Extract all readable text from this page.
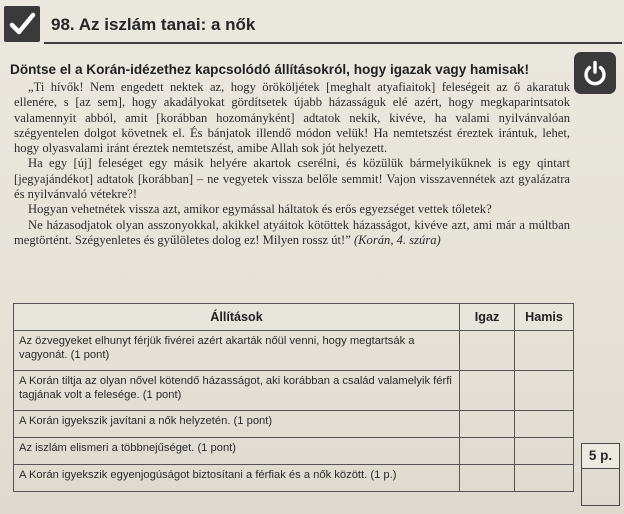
98. Az iszlám tanai: a nők
Döntse el a Korán-idézethez kapcsolódó állításokról, hogy igazak vagy hamisak!

„Ti hívők! Nem engedett nektek az, hogy örököljétek [meghalt atyafiaitok] feleségeit az ő akaratuk ellenére, s [az sem], hogy akadályokat gördítsetek újabb házasságuk elé azért, hogy megkaparintsatok valamennyit abból, amit [korábban hozományként] adtatok nekik, kivéve, ha valami nyilvánvalóan szégyentelen dolgot követnek el. És bánjatok illendő módon velük! Ha nemtetszést éreztek irántuk, lehet, hogy olyasvalami iránt éreztek nemtetszést, amibe Allah sok jót helyezett.

Ha egy [új] feleséget egy másik helyére akartok cserélni, és közülük bármelyikűknek is egy qintart [jegyajándékot] adtatok [korábban] – ne vegyetek vissza belőle semmit! Vajon visszavennétek azt gyalázatra és nyilvánvaló vétekre?!

Hogyan vehetnétek vissza azt, amikor egymással háltatok és erős egyezséget vettek tőletek?

Ne házasodjatok olyan asszonyokkal, akikkel atyáitok kötöttek házasságot, kivéve azt, ami már a múltban megtörtént. Szégyenletes és gyűlöletes dolog ez! Milyen rossz út!” (Korán, 4. szúra)

Állítások	Igaz	Hamis
Az özvegyeket elhunyt férjük fivérei azért akarták nőül venni, hogy megtartsák a vagyonát. (1 pont)		
A Korán tiltja az olyan nővel kötendő házasságot, aki korábban a család valamelyik férfi tagjának volt a felesége. (1 pont)		
A Korán igyekszik javítani a nők helyzetén. (1 pont)		
Az iszlám elismeri a többnejűséget. (1 pont)		
A Korán igyekszik egyenjogúságot biztosítani a férfiak és a nők között. (1 p.)		
5 p.
